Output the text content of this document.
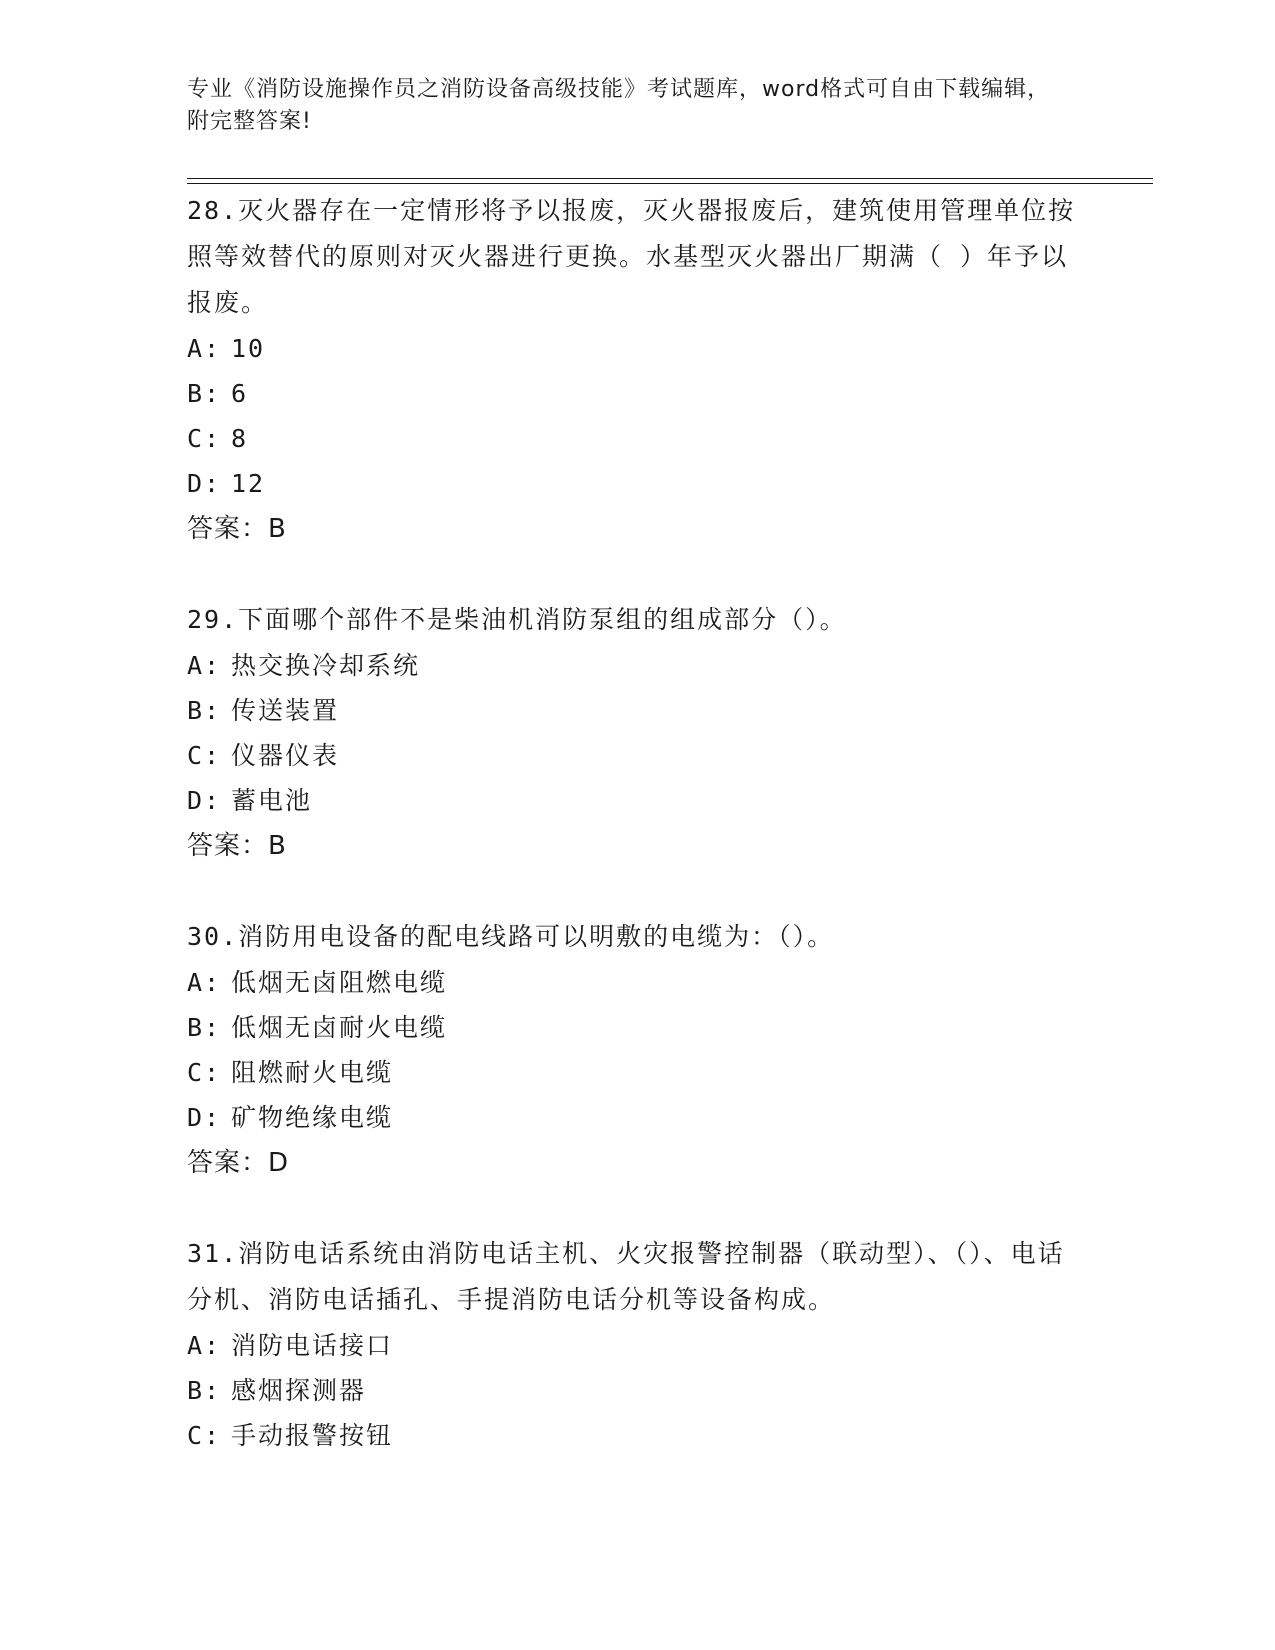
专业《消防设施操作员之消防设备高级技能》考试题库，word格式可自由下载编辑，附完整答案!

28.灭火器存在一定情形将予以报废，灭火器报废后，建筑使用管理单位按照等效替代的原则对灭火器进行更换。水基型灭火器出厂期满（ ）年予以报废。

A: 10
B: 6
C: 8
D: 12
答案：B

29.下面哪个部件不是柴油机消防泵组的组成部分（）。

A: 热交换冷却系统
B: 传送装置
C: 仪器仪表
D: 蓄电池
答案：B

30.消防用电设备的配电线路可以明敷的电缆为：（）。

A: 低烟无卤阻燃电缆
B: 低烟无卤耐火电缆
C: 阻燃耐火电缆
D: 矿物绝缘电缆
答案：D

31.消防电话系统由消防电话主机、火灾报警控制器（联动型）、（）、电话分机、消防电话插孔、手提消防电话分机等设备构成。

A: 消防电话接口
B: 感烟探测器
C: 手动报警按钮
